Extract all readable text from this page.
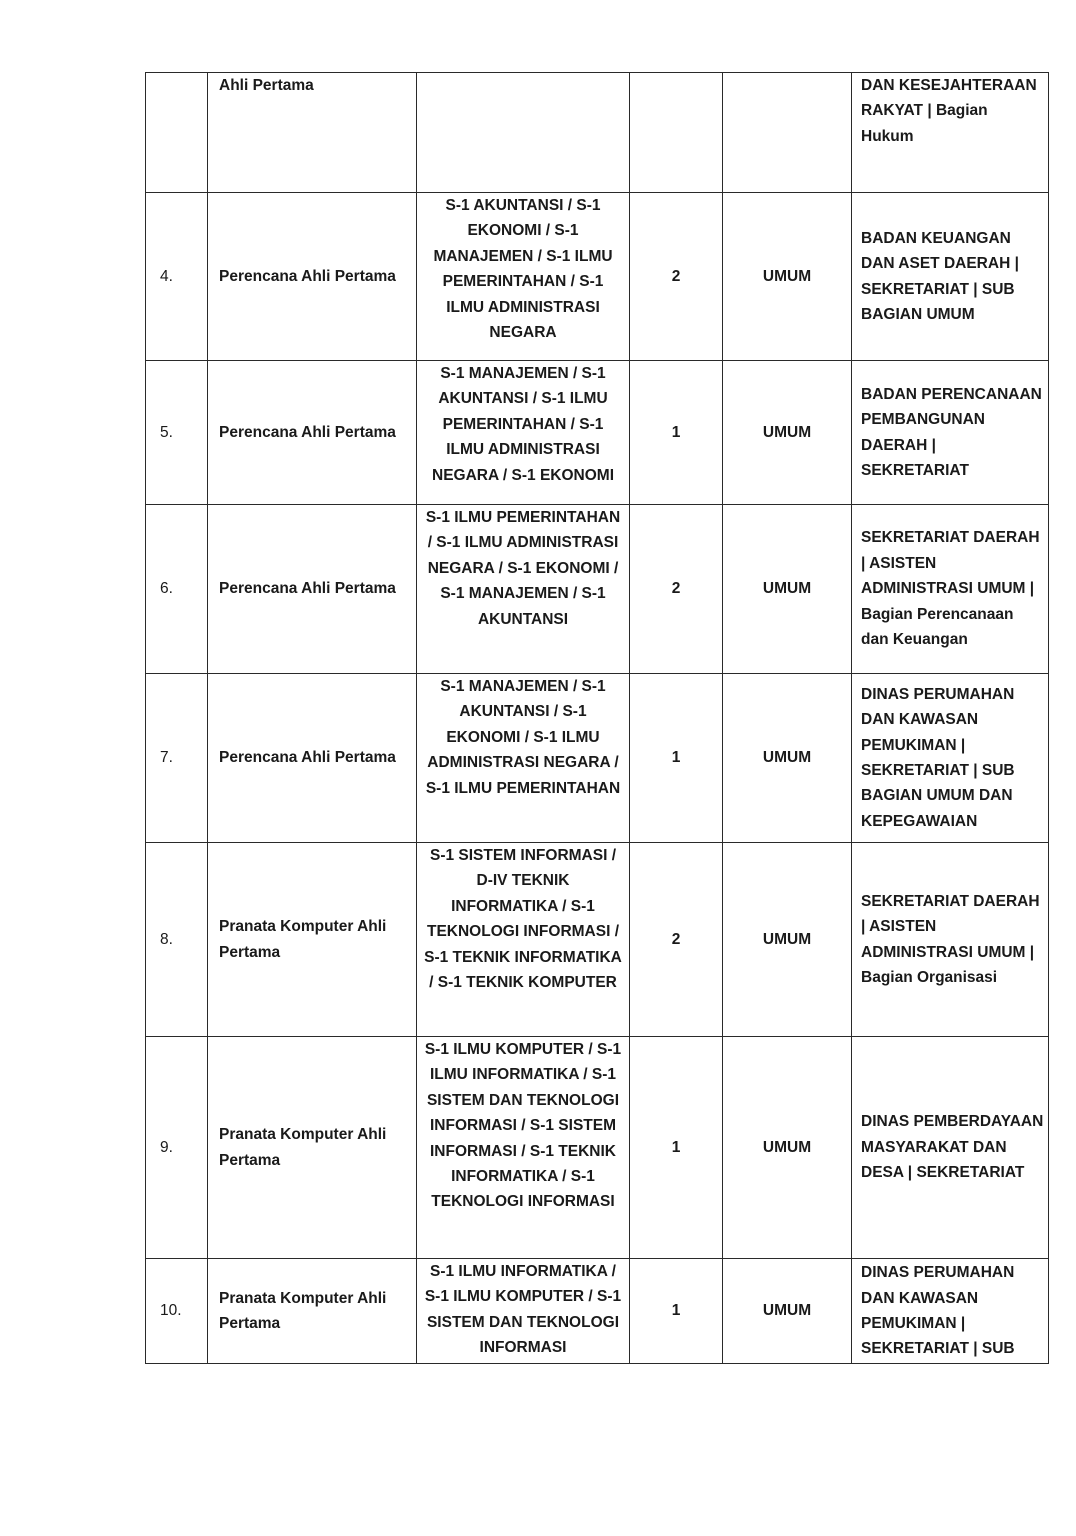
	Ahli Pertama				DAN KESEJAHTERAAN RAKYAT | Bagian Hukum
4.	Perencana Ahli Pertama	S-1 AKUNTANSI / S-1 EKONOMI / S-1 MANAJEMEN / S-1 ILMU PEMERINTAHAN / S-1 ILMU ADMINISTRASI NEGARA	2	UMUM	BADAN KEUANGAN DAN ASET DAERAH | SEKRETARIAT | SUB BAGIAN UMUM
5.	Perencana Ahli Pertama	S-1 MANAJEMEN / S-1 AKUNTANSI / S-1 ILMU PEMERINTAHAN / S-1 ILMU ADMINISTRASI NEGARA / S-1 EKONOMI	1	UMUM	BADAN PERENCANAAN PEMBANGUNAN DAERAH | SEKRETARIAT
6.	Perencana Ahli Pertama	S-1 ILMU PEMERINTAHAN / S-1 ILMU ADMINISTRASI NEGARA / S-1 EKONOMI / S-1 MANAJEMEN / S-1 AKUNTANSI	2	UMUM	SEKRETARIAT DAERAH | ASISTEN ADMINISTRASI UMUM | Bagian Perencanaan dan Keuangan
7.	Perencana Ahli Pertama	S-1 MANAJEMEN / S-1 AKUNTANSI / S-1 EKONOMI / S-1 ILMU ADMINISTRASI NEGARA / S-1 ILMU PEMERINTAHAN	1	UMUM	DINAS PERUMAHAN DAN KAWASAN PEMUKIMAN | SEKRETARIAT | SUB BAGIAN UMUM DAN KEPEGAWAIAN
8.	Pranata Komputer Ahli Pertama	S-1 SISTEM INFORMASI / D-IV TEKNIK INFORMATIKA / S-1 TEKNOLOGI INFORMASI / S-1 TEKNIK INFORMATIKA / S-1 TEKNIK KOMPUTER	2	UMUM	SEKRETARIAT DAERAH | ASISTEN ADMINISTRASI UMUM | Bagian Organisasi
9.	Pranata Komputer Ahli Pertama	S-1 ILMU KOMPUTER / S-1 ILMU INFORMATIKA / S-1 SISTEM DAN TEKNOLOGI INFORMASI / S-1 SISTEM INFORMASI / S-1 TEKNIK INFORMATIKA / S-1 TEKNOLOGI INFORMASI	1	UMUM	DINAS PEMBERDAYAAN MASYARAKAT DAN DESA | SEKRETARIAT
10.	Pranata Komputer Ahli Pertama	S-1 ILMU INFORMATIKA / S-1 ILMU KOMPUTER / S-1 SISTEM DAN TEKNOLOGI INFORMASI	1	UMUM	DINAS PERUMAHAN DAN KAWASAN PEMUKIMAN | SEKRETARIAT | SUB
